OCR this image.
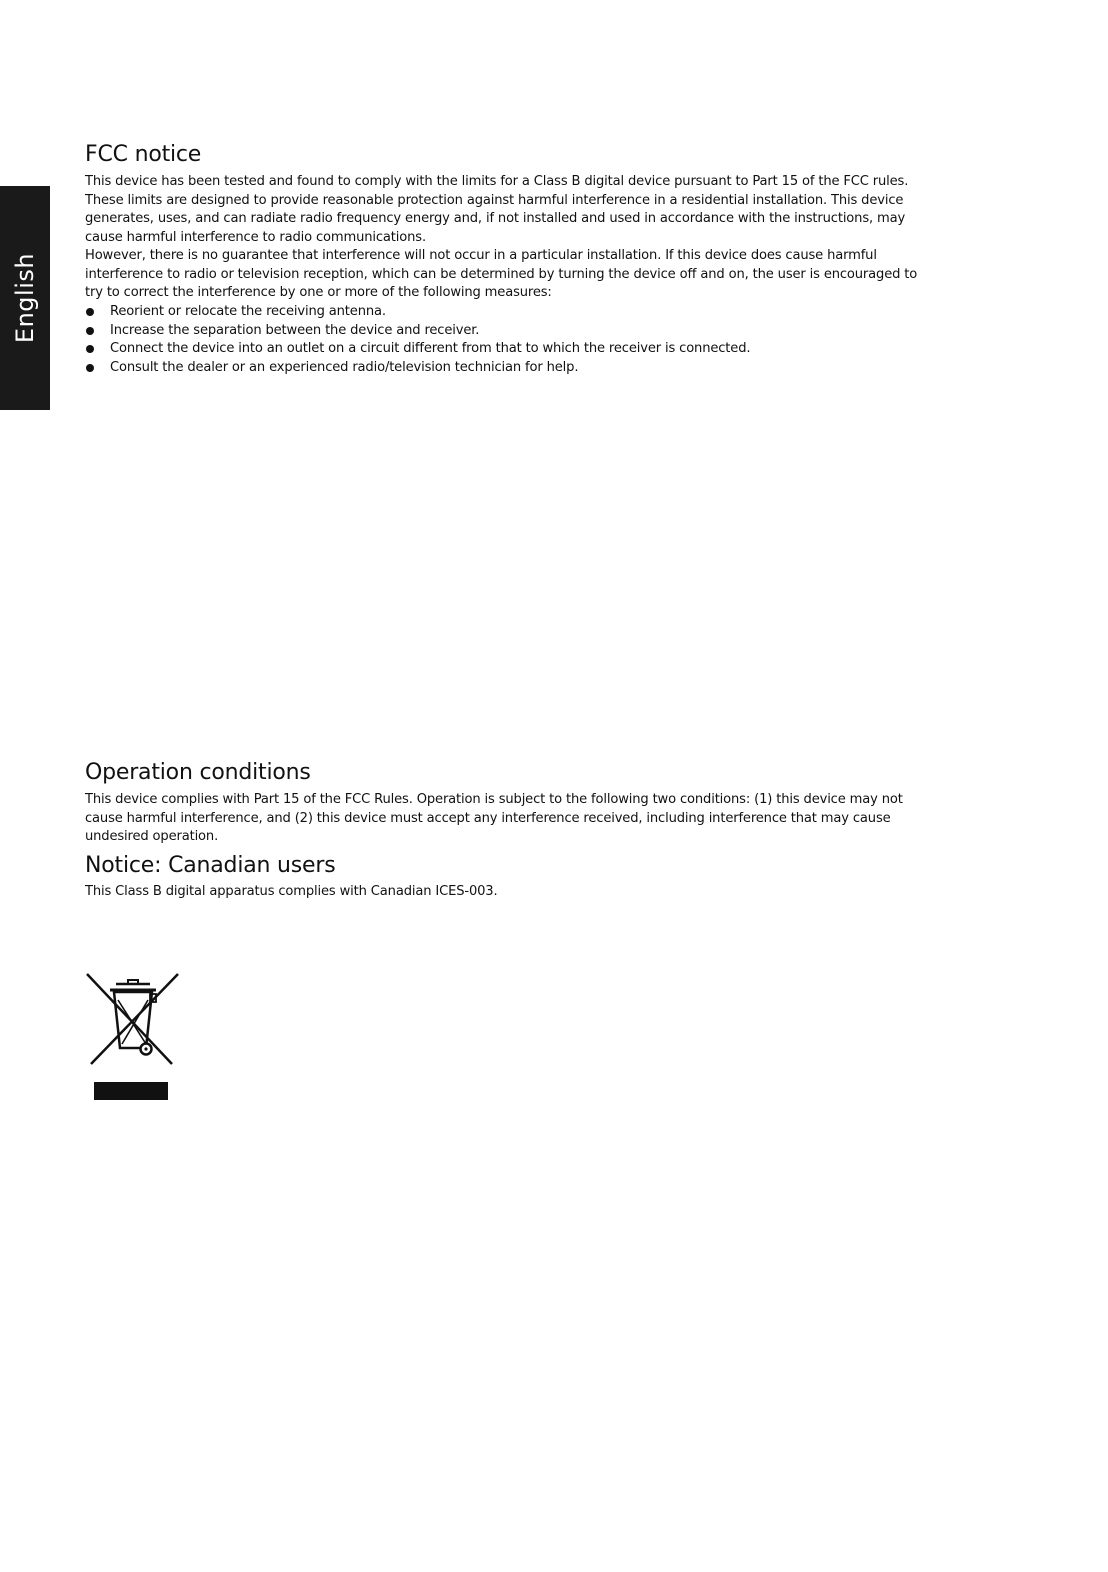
English
FCC notice

This device has been tested and found to comply with the limits for a Class B digital device pursuant to Part 15 of the FCC rules.
These limits are designed to provide reasonable protection against harmful interference in a residential installation. This device
generates, uses, and can radiate radio frequency energy and, if not installed and used in accordance with the instructions, may
cause harmful interference to radio communications.

However, there is no guarantee that interference will not occur in a particular installation. If this device does cause harmful
interference to radio or television reception, which can be determined by turning the device off and on, the user is encouraged to
try to correct the interference by one or more of the following measures:

Reorient or relocate the receiving antenna.
Increase the separation between the device and receiver.
Connect the device into an outlet on a circuit different from that to which the receiver is connected.
Consult the dealer or an experienced radio/television technician for help.
Operation conditions

This device complies with Part 15 of the FCC Rules. Operation is subject to the following two conditions: (1) this device may not
cause harmful interference, and (2) this device must accept any interference received, including interference that may cause
undesired operation.

Notice: Canadian users

This Class B digital apparatus complies with Canadian ICES-003.
